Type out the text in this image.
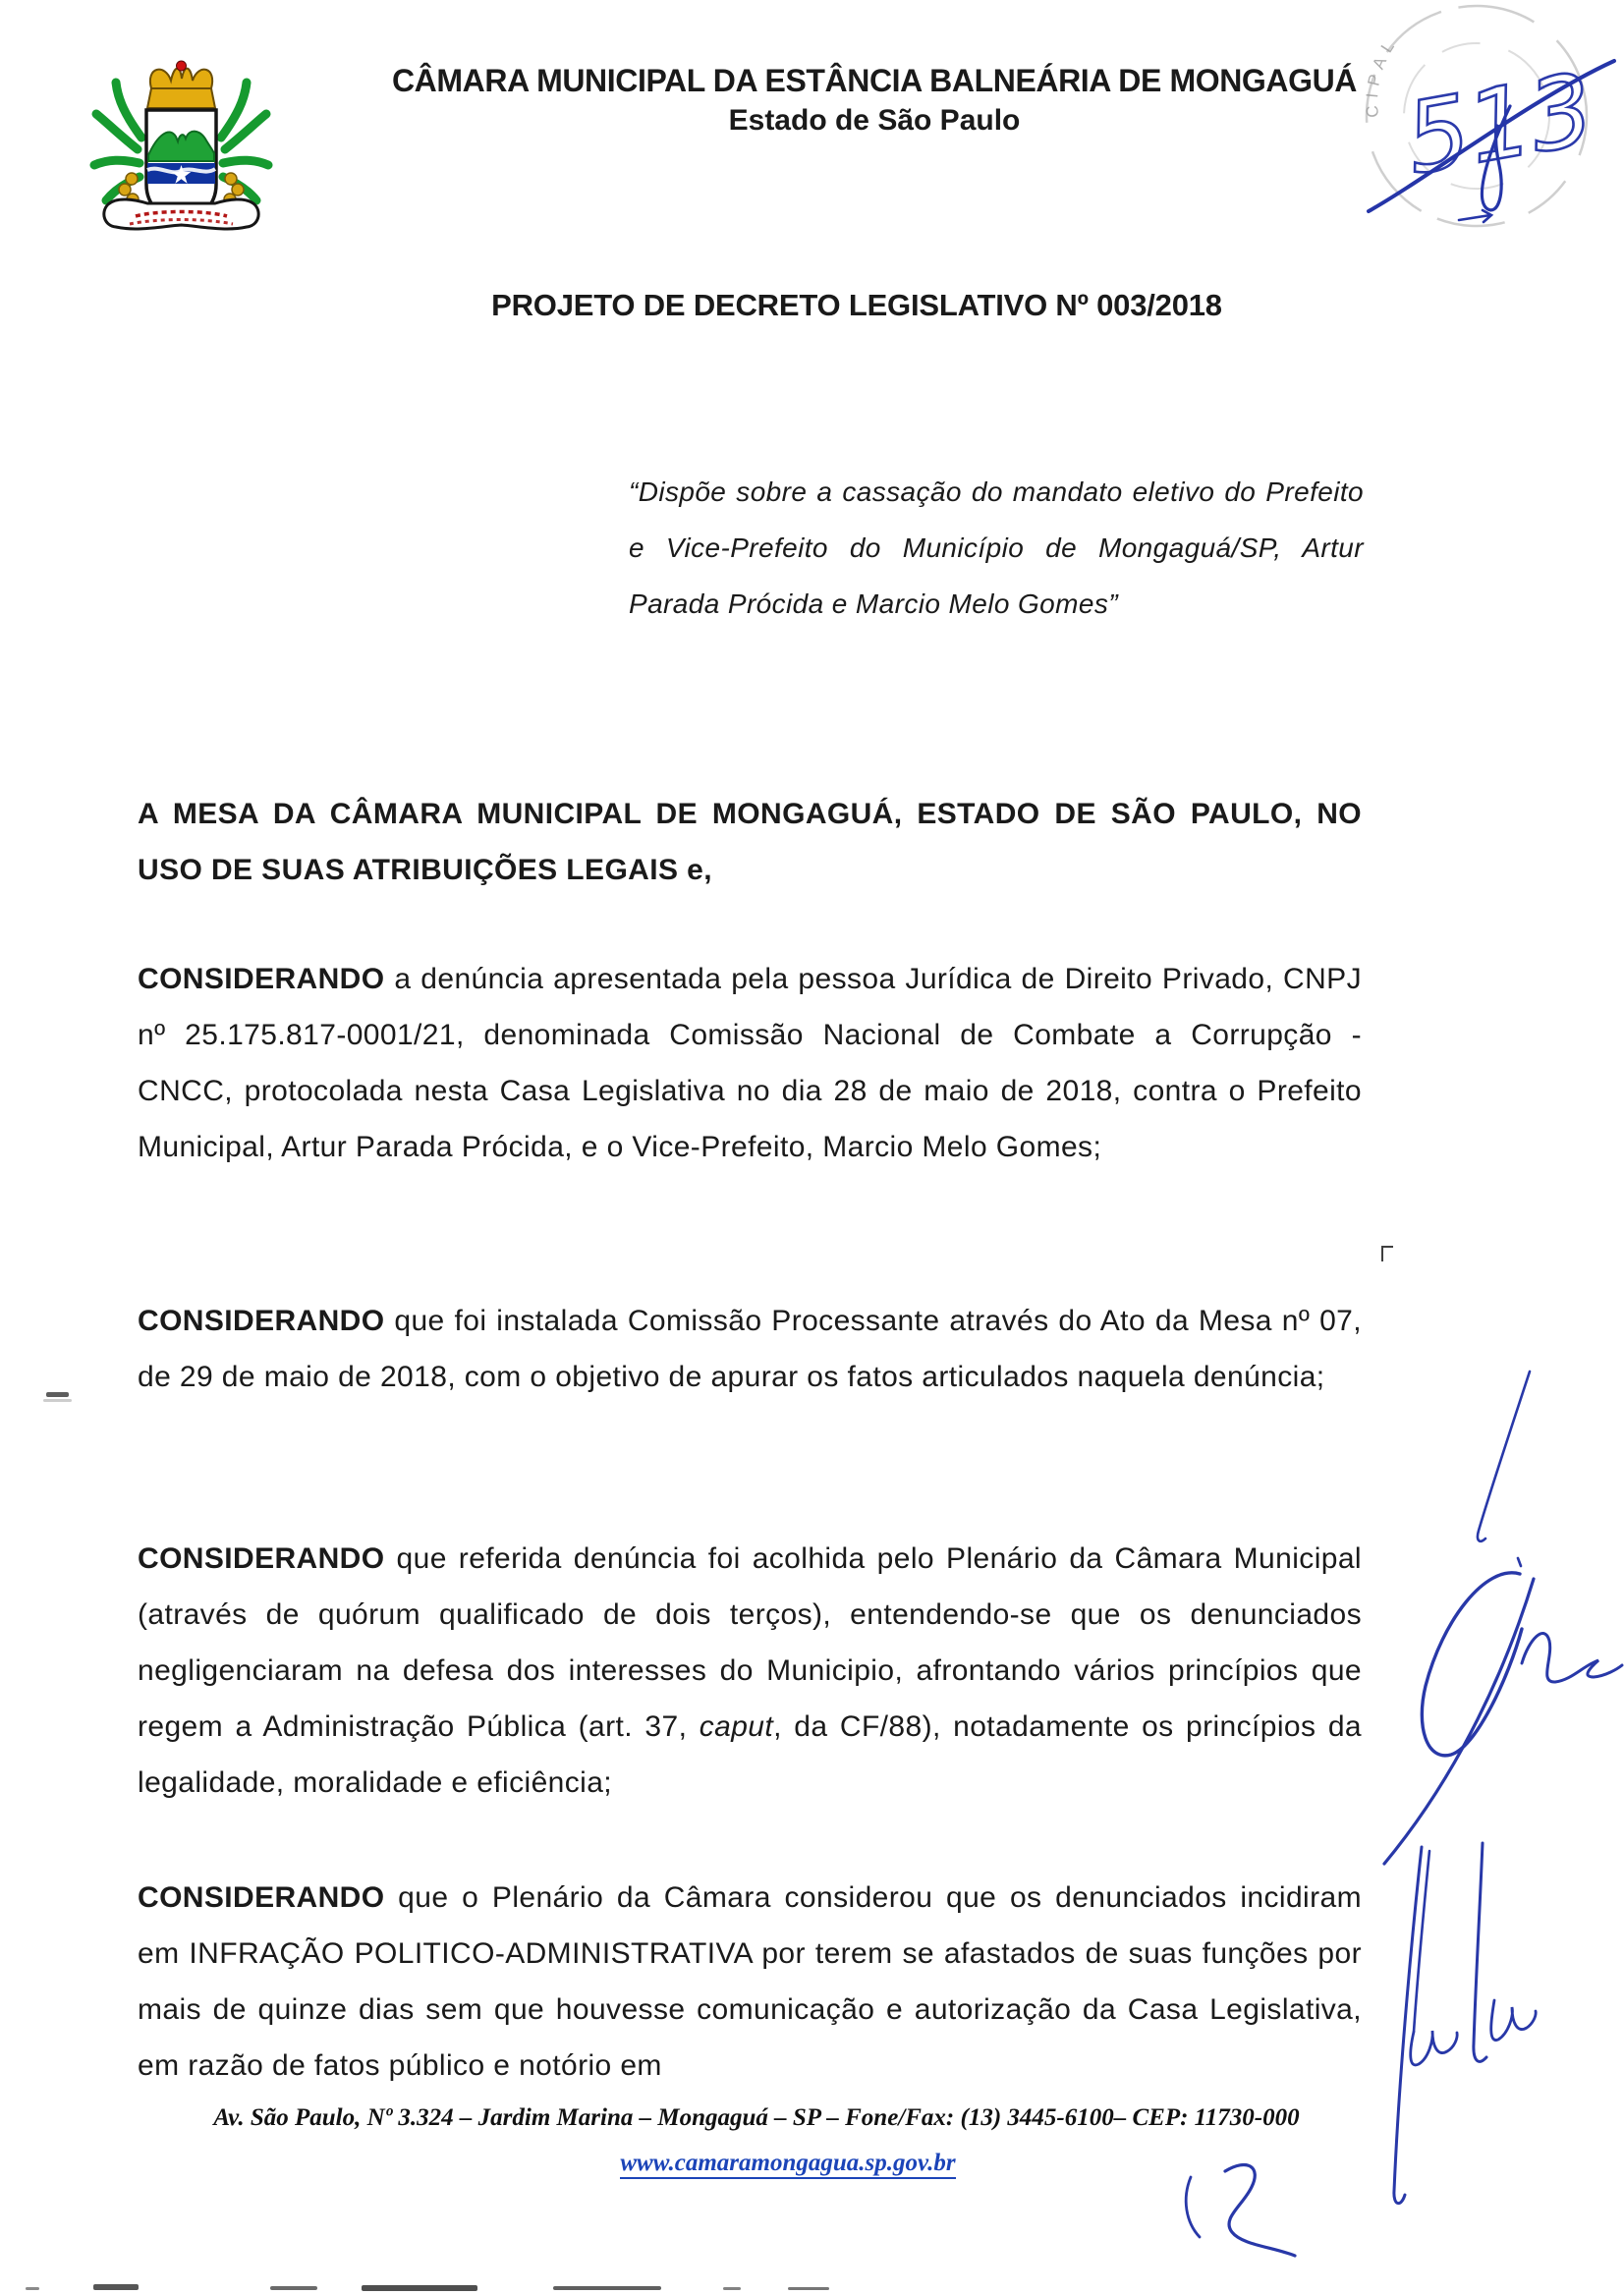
CÂMARA MUNICIPAL DA ESTÂNCIA BALNEÁRIA DE MONGAGUÁ
Estado de São Paulo	CIPAL
513
PROJETO DE DECRETO LEGISLATIVO Nº 003/2018
“Dispõe sobre a cassação do mandato eletivo do Prefeito e Vice-Prefeito do Município de Mongaguá/SP, Artur Parada Prócida e Marcio Melo Gomes”

A MESA DA CÂMARA MUNICIPAL DE MONGAGUÁ, ESTADO DE SÃO PAULO, NO USO DE SUAS ATRIBUIÇÕES LEGAIS e,

CONSIDERANDO a denúncia apresentada pela pessoa Jurídica de Direito Privado, CNPJ nº 25.175.817-0001/21, denominada Comissão Nacional de Combate a Corrupção - CNCC, protocolada nesta Casa Legislativa no dia 28 de maio de 2018, contra o Prefeito Municipal, Artur Parada Prócida, e o Vice-Prefeito, Marcio Melo Gomes;

CONSIDERANDO que foi instalada Comissão Processante através do Ato da Mesa nº 07, de 29 de maio de 2018, com o objetivo de apurar os fatos articulados naquela denúncia;

CONSIDERANDO que referida denúncia foi acolhida pelo Plenário da Câmara Municipal (através de quórum qualificado de dois terços), entendendo-se que os denunciados negligenciaram na defesa dos interesses do Municipio, afrontando vários princípios que regem a Administração Pública (art. 37, caput, da CF/88), notadamente os princípios da legalidade, moralidade e eficiência;

CONSIDERANDO que o Plenário da Câmara considerou que os denunciados incidiram em INFRAÇÃO POLITICO-ADMINISTRATIVA por terem se afastados de suas funções por mais de quinze dias sem que houvesse comunicação e autorização da Casa Legislativa, em razão de fatos público e notório em

Av. São Paulo, Nº 3.324 – Jardim Marina – Mongaguá – SP – Fone/Fax: (13) 3445-6100– CEP: 11730-000
www.camaramongagua.sp.gov.br
